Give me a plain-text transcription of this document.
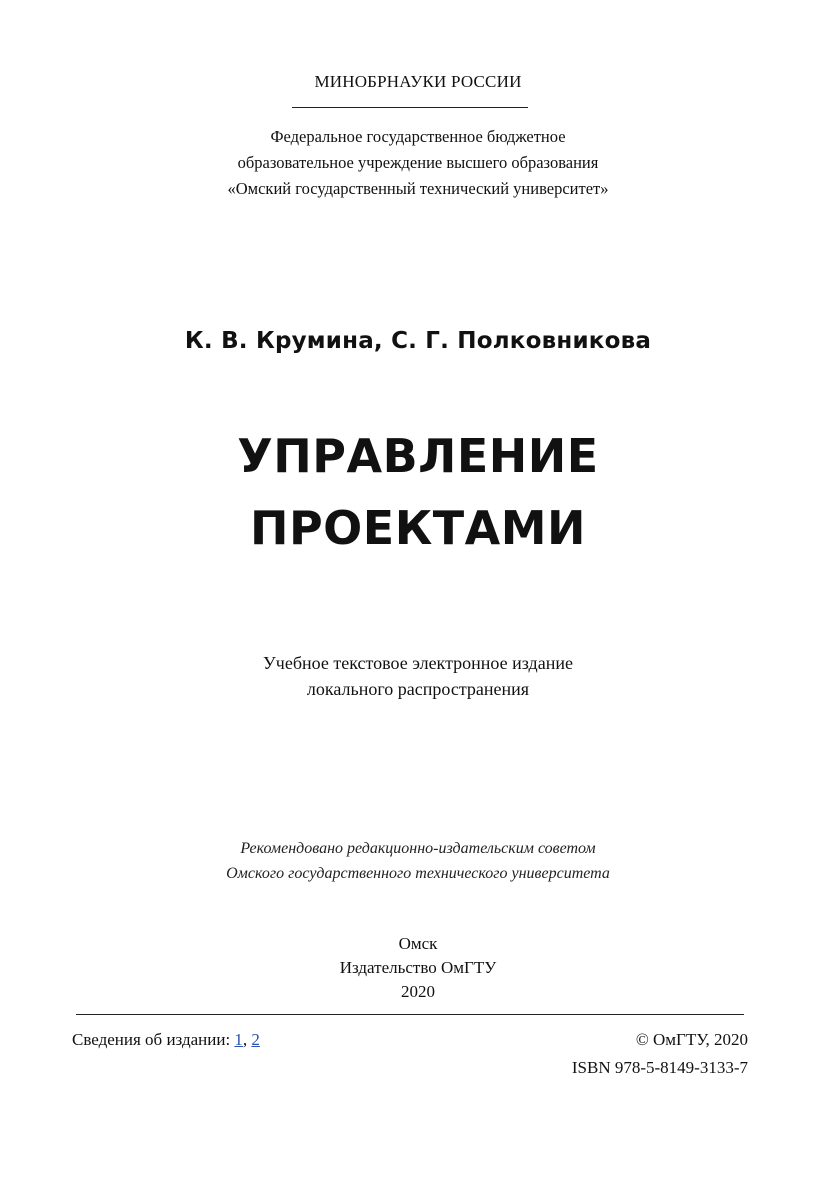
МИНОБРНАУКИ РОССИИ
Федеральное государственное бюджетное
образовательное учреждение высшего образования
«Омский государственный технический университет»
К. В. Крумина, С. Г. Полковникова
УПРАВЛЕНИЕ
ПРОЕКТАМИ
Учебное текстовое электронное издание
локального распространения
Рекомендовано редакционно-издательским советом
Омского государственного технического университета
Омск
Издательство ОмГТУ
2020
Сведения об издании: 1, 2	© ОмГТУ, 2020
ISBN 978-5-8149-3133-7
